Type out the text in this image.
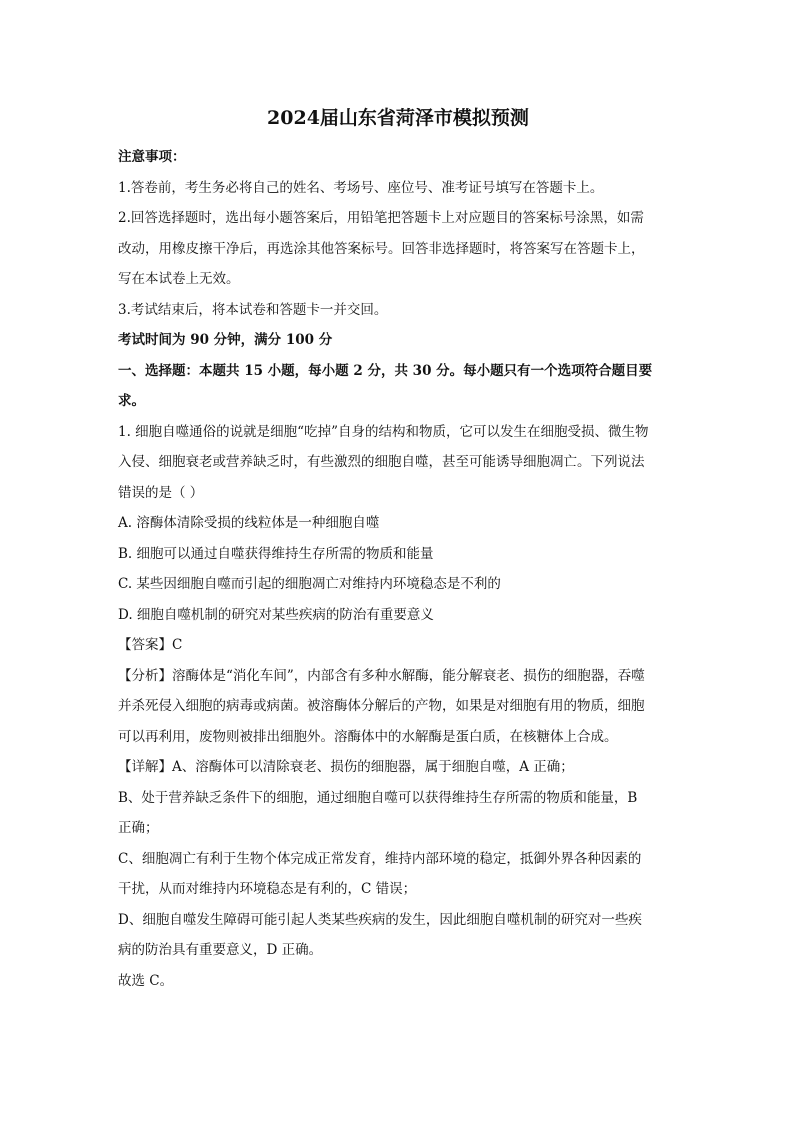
2024届山东省菏泽市模拟预测

注意事项：

1.答卷前，考生务必将自己的姓名、考场号、座位号、准考证号填写在答题卡上。

2.回答选择题时，选出每小题答案后，用铅笔把答题卡上对应题目的答案标号涂黑，如需

改动，用橡皮擦干净后，再选涂其他答案标号。回答非选择题时，将答案写在答题卡上，

写在本试卷上无效。

3.考试结束后，将本试卷和答题卡一并交回。

考试时间为 90 分钟，满分 100 分

一、选择题：本题共 15 小题，每小题 2 分，共 30 分。每小题只有一个选项符合题目要

求。

1. 细胞自噬通俗的说就是细胞“吃掉”自身的结构和物质，它可以发生在细胞受损、微生物

入侵、细胞衰老或营养缺乏时，有些激烈的细胞自噬，甚至可能诱导细胞凋亡。下列说法

错误的是（ ）

A. 溶酶体清除受损的线粒体是一种细胞自噬

B. 细胞可以通过自噬获得维持生存所需的物质和能量

C. 某些因细胞自噬而引起的细胞凋亡对维持内环境稳态是不利的

D. 细胞自噬机制的研究对某些疾病的防治有重要意义

【答案】C

【分析】溶酶体是“消化车间”，内部含有多种水解酶，能分解衰老、损伤的细胞器，吞噬

并杀死侵入细胞的病毒或病菌。被溶酶体分解后的产物，如果是对细胞有用的物质，细胞

可以再利用，废物则被排出细胞外。溶酶体中的水解酶是蛋白质，在核糖体上合成。

【详解】A、溶酶体可以清除衰老、损伤的细胞器，属于细胞自噬，A 正确；

B、处于营养缺乏条件下的细胞，通过细胞自噬可以获得维持生存所需的物质和能量，B

正确；

C、细胞凋亡有利于生物个体完成正常发育，维持内部环境的稳定，抵御外界各种因素的

干扰，从而对维持内环境稳态是有利的，C 错误；

D、细胞自噬发生障碍可能引起人类某些疾病的发生，因此细胞自噬机制的研究对一些疾

病的防治具有重要意义，D 正确。

故选 C。
